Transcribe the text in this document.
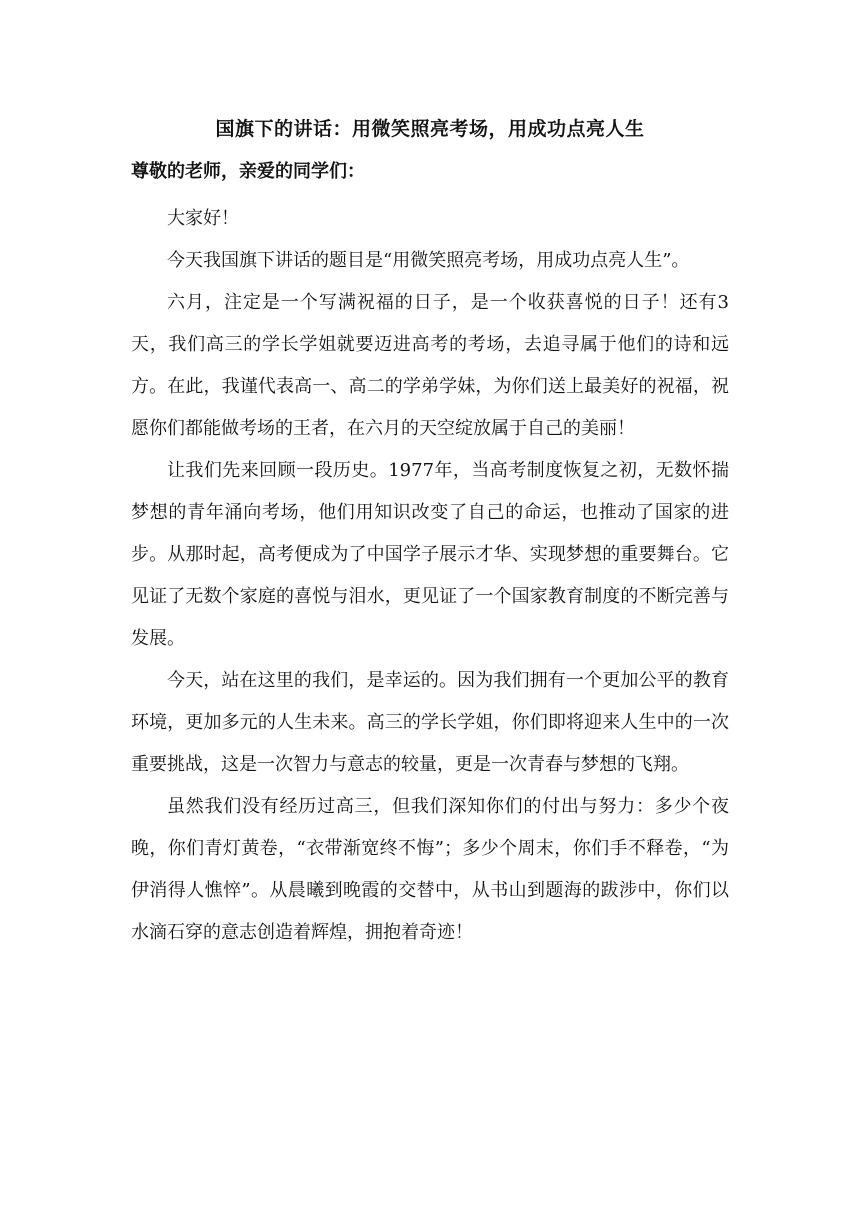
国旗下的讲话：用微笑照亮考场，用成功点亮人生
尊敬的老师，亲爱的同学们：

大家好！

今天我国旗下讲话的题目是“用微笑照亮考场，用成功点亮人生”。

六月，注定是一个写满祝福的日子，是一个收获喜悦的日子！还有3天，我们高三的学长学姐就要迈进高考的考场，去追寻属于他们的诗和远方。在此，我谨代表高一、高二的学弟学妹，为你们送上最美好的祝福，祝愿你们都能做考场的王者，在六月的天空绽放属于自己的美丽！

让我们先来回顾一段历史。1977年，当高考制度恢复之初，无数怀揣梦想的青年涌向考场，他们用知识改变了自己的命运，也推动了国家的进步。从那时起，高考便成为了中国学子展示才华、实现梦想的重要舞台。它见证了无数个家庭的喜悦与泪水，更见证了一个国家教育制度的不断完善与发展。

今天，站在这里的我们，是幸运的。因为我们拥有一个更加公平的教育环境，更加多元的人生未来。高三的学长学姐，你们即将迎来人生中的一次重要挑战，这是一次智力与意志的较量，更是一次青春与梦想的飞翔。

虽然我们没有经历过高三，但我们深知你们的付出与努力：多少个夜晚，你们青灯黄卷，“衣带渐宽终不悔”；多少个周末，你们手不释卷，“为伊消得人憔悴”。从晨曦到晚霞的交替中，从书山到题海的跋涉中，你们以水滴石穿的意志创造着辉煌，拥抱着奇迹！
